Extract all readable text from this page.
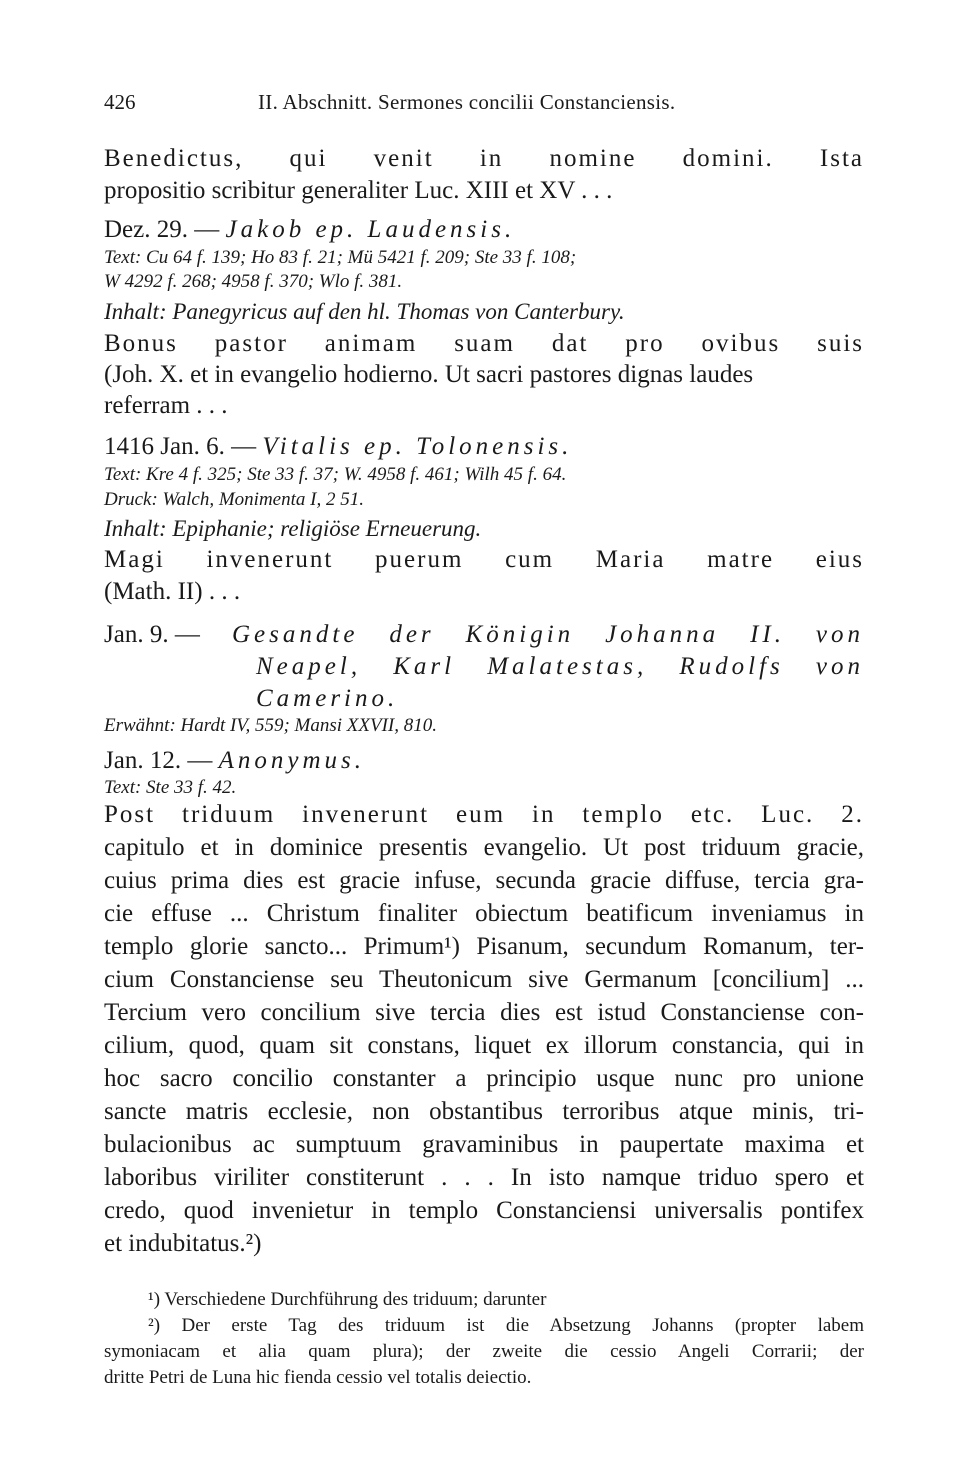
426	II. Abschnitt. Sermones concilii Constanciensis.
Benedictus, qui venit in nomine domini. Ista
propositio scribitur generaliter Luc. XIII et XV . . .
Dez. 29. — Jakob ep. Laudensis.
Text: Cu 64 f. 139; Ho 83 f. 21; Mü 5421 f. 209; Ste 33 f. 108;
W 4292 f. 268; 4958 f. 370; Wlo f. 381.
Inhalt: Panegyricus auf den hl. Thomas von Canterbury.
Bonus pastor animam suam dat pro ovibus suis
(Joh. X. et in evangelio hodierno. Ut sacri pastores dignas laudes
referram . . .
1416 Jan. 6. — Vitalis ep. Tolonensis.
Text: Kre 4 f. 325; Ste 33 f. 37; W. 4958 f. 461; Wilh 45 f. 64.
Druck: Walch, Monimenta I, 2 51.
Inhalt: Epiphanie; religiöse Erneuerung.
Magi invenerunt puerum cum Maria matre eius
(Math. II) . . .
Jan. 9. —	Gesandte der Königin Johanna II. von
Neapel, Karl Malatestas, Rudolfs von
Camerino.
Erwähnt: Hardt IV, 559; Mansi XXVII, 810.
Jan. 12. — Anonymus.
Text: Ste 33 f. 42.
Post triduum invenerunt eum in templo etc. Luc. 2.
capitulo et in dominice presentis evangelio. Ut post triduum gracie,
cuius prima dies est gracie infuse, secunda gracie diffuse, tercia gra-
cie effuse ... Christum finaliter obiectum beatificum inveniamus in
templo glorie sancto... Primum¹) Pisanum, secundum Romanum, ter-
cium Constanciense seu Theutonicum sive Germanum [concilium] ...
Tercium vero concilium sive tercia dies est istud Constanciense con-
cilium, quod, quam sit constans, liquet ex illorum constancia, qui in
hoc sacro concilio constanter a principio usque nunc pro unione
sancte matris ecclesie, non obstantibus terroribus atque minis, tri-
bulacionibus ac sumptuum gravaminibus in paupertate maxima et
laboribus viriliter constiterunt . . . In isto namque triduo spero et
credo, quod invenietur in templo Constanciensi universalis pontifex
et indubitatus.²)
¹) Verschiedene Durchführung des triduum; darunter
²) Der erste Tag des triduum ist die Absetzung Johanns (propter labem
symoniacam et alia quam plura); der zweite die cessio Angeli Corrarii; der
dritte Petri de Luna hic fienda cessio vel totalis deiectio.
